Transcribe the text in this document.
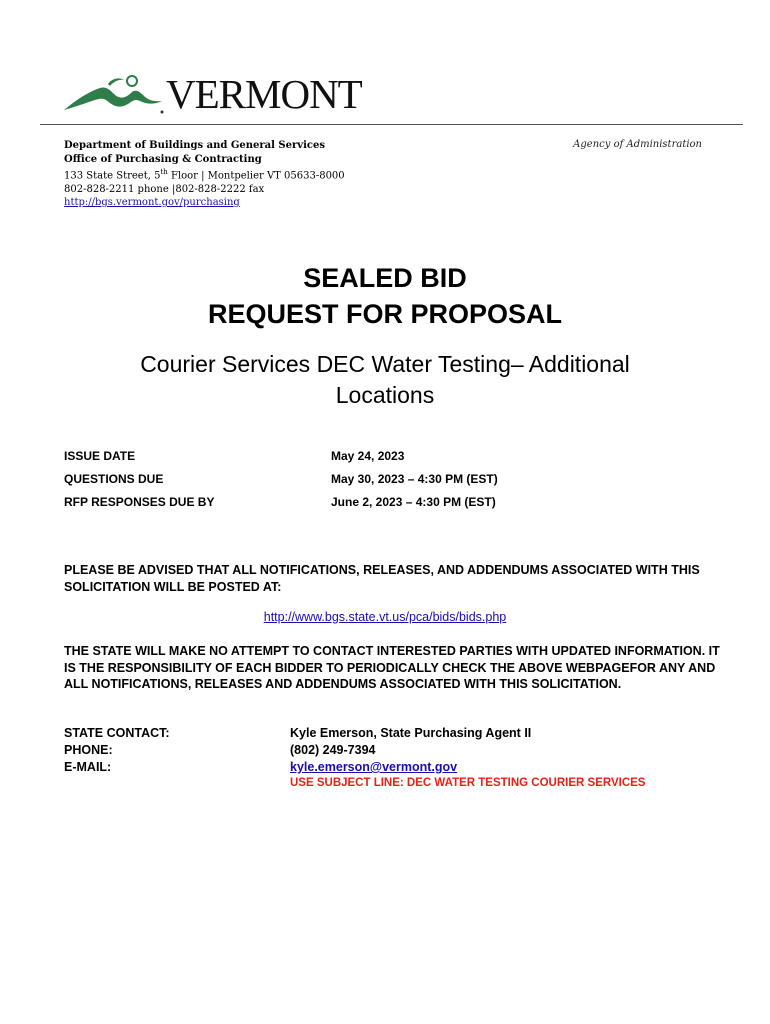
VERMONT
Department of Buildings and General Services
Office of Purchasing & Contracting
133 State Street, 5th Floor | Montpelier VT 05633-8000
802-828-2211 phone |802-828-2222 fax
http://bgs.vermont.gov/purchasing
Agency of Administration
SEALED BID
REQUEST FOR PROPOSAL
Courier Services DEC Water Testing– Additional Locations
ISSUE DATE	May 24, 2023
QUESTIONS DUE	May 30, 2023 – 4:30 PM (EST)
RFP RESPONSES DUE BY	June 2, 2023 – 4:30 PM (EST)
PLEASE BE ADVISED THAT ALL NOTIFICATIONS, RELEASES, AND ADDENDUMS ASSOCIATED WITH THIS SOLICITATION WILL BE POSTED AT:
http://www.bgs.state.vt.us/pca/bids/bids.php
THE STATE WILL MAKE NO ATTEMPT TO CONTACT INTERESTED PARTIES WITH UPDATED INFORMATION. IT IS THE RESPONSIBILITY OF EACH BIDDER TO PERIODICALLY CHECK THE ABOVE WEBPAGEFOR ANY AND ALL NOTIFICATIONS, RELEASES AND ADDENDUMS ASSOCIATED WITH THIS SOLICITATION.
STATE CONTACT:	Kyle Emerson, State Purchasing Agent II
PHONE:	(802) 249-7394
E-MAIL:	kyle.emerson@vermont.gov
USE SUBJECT LINE: DEC WATER TESTING COURIER SERVICES
